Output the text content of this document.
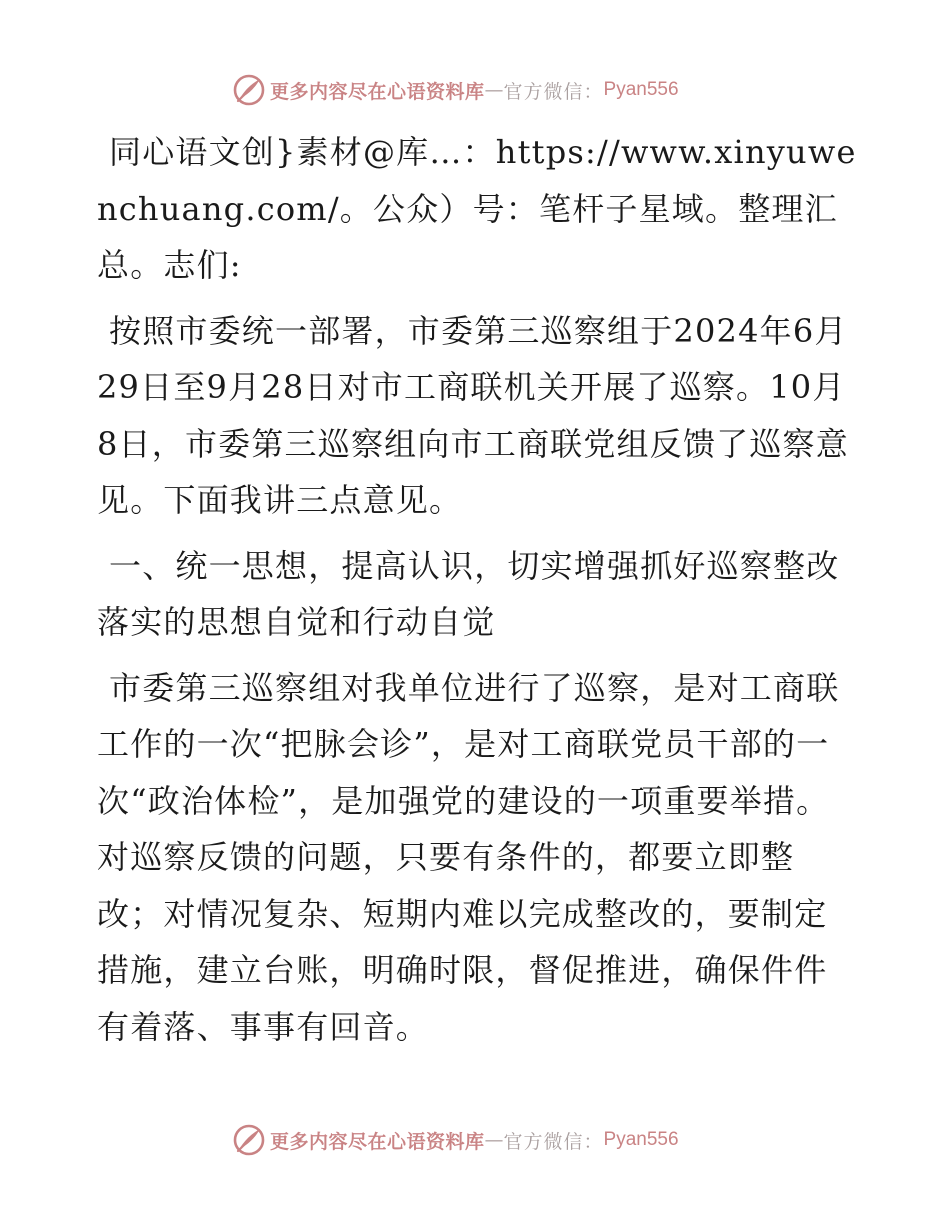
更多内容尽在心语资料库 — 官方微信： Pyan556

同心语文创}素材@库…：https://www.xinyuwenchuang.com/。公众）号：笔杆子星域。整理汇总。志们:

按照市委统一部署，市委第三巡察组于2024年6月29日至9月28日对市工商联机关开展了巡察。10月8日，市委第三巡察组向市工商联党组反馈了巡察意见。下面我讲三点意见。

一、统一思想，提高认识，切实增强抓好巡察整改落实的思想自觉和行动自觉

市委第三巡察组对我单位进行了巡察，是对工商联工作的一次“把脉会诊”，是对工商联党员干部的一次“政治体检”，是加强党的建设的一项重要举措。对巡察反馈的问题，只要有条件的，都要立即整改；对情况复杂、短期内难以完成整改的，要制定措施，建立台账，明确时限，督促推进，确保件件有着落、事事有回音。

更多内容尽在心语资料库 — 官方微信： Pyan556
